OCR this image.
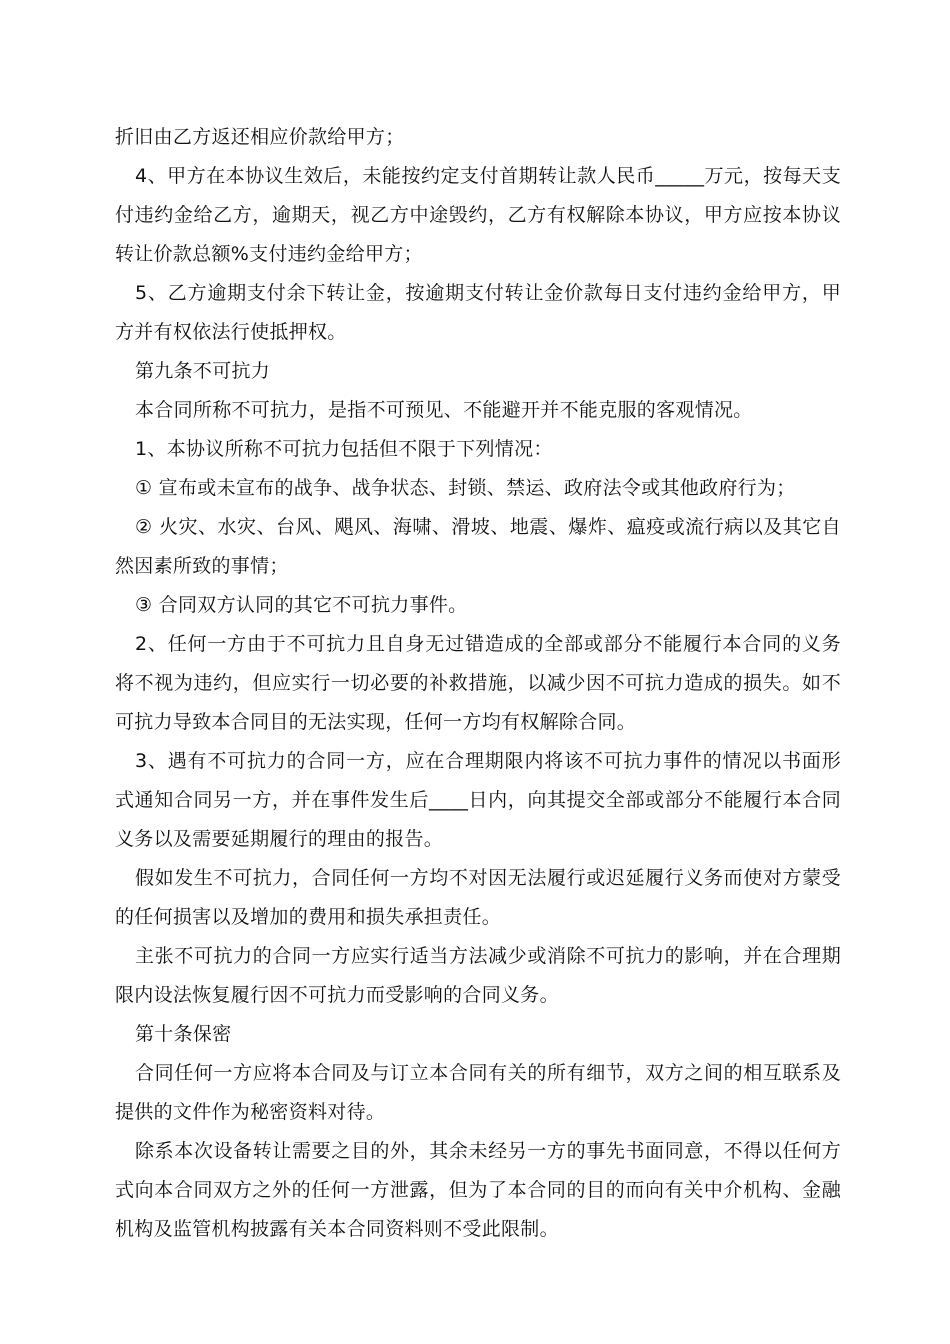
折旧由乙方返还相应价款给甲方；

4、甲方在本协议生效后，未能按约定支付首期转让款人民币_____万元，按每天支付违约金给乙方，逾期天，视乙方中途毁约，乙方有权解除本协议，甲方应按本协议转让价款总额%支付违约金给甲方；

5、乙方逾期支付余下转让金，按逾期支付转让金价款每日支付违约金给甲方，甲方并有权依法行使抵押权。

第九条不可抗力

本合同所称不可抗力，是指不可预见、不能避开并不能克服的客观情况。

1、本协议所称不可抗力包括但不限于下列情况：

① 宣布或未宣布的战争、战争状态、封锁、禁运、政府法令或其他政府行为；

② 火灾、水灾、台风、飓风、海啸、滑坡、地震、爆炸、瘟疫或流行病以及其它自然因素所致的事情；

③ 合同双方认同的其它不可抗力事件。

2、任何一方由于不可抗力且自身无过错造成的全部或部分不能履行本合同的义务将不视为违约，但应实行一切必要的补救措施，以减少因不可抗力造成的损失。如不可抗力导致本合同目的无法实现，任何一方均有权解除合同。

3、遇有不可抗力的合同一方，应在合理期限内将该不可抗力事件的情况以书面形式通知合同另一方，并在事件发生后____日内，向其提交全部或部分不能履行本合同义务以及需要延期履行的理由的报告。

假如发生不可抗力，合同任何一方均不对因无法履行或迟延履行义务而使对方蒙受的任何损害以及增加的费用和损失承担责任。

主张不可抗力的合同一方应实行适当方法减少或消除不可抗力的影响，并在合理期限内设法恢复履行因不可抗力而受影响的合同义务。

第十条保密

合同任何一方应将本合同及与订立本合同有关的所有细节，双方之间的相互联系及提供的文件作为秘密资料对待。

除系本次设备转让需要之目的外，其余未经另一方的事先书面同意，不得以任何方式向本合同双方之外的任何一方泄露，但为了本合同的目的而向有关中介机构、金融机构及监管机构披露有关本合同资料则不受此限制。
